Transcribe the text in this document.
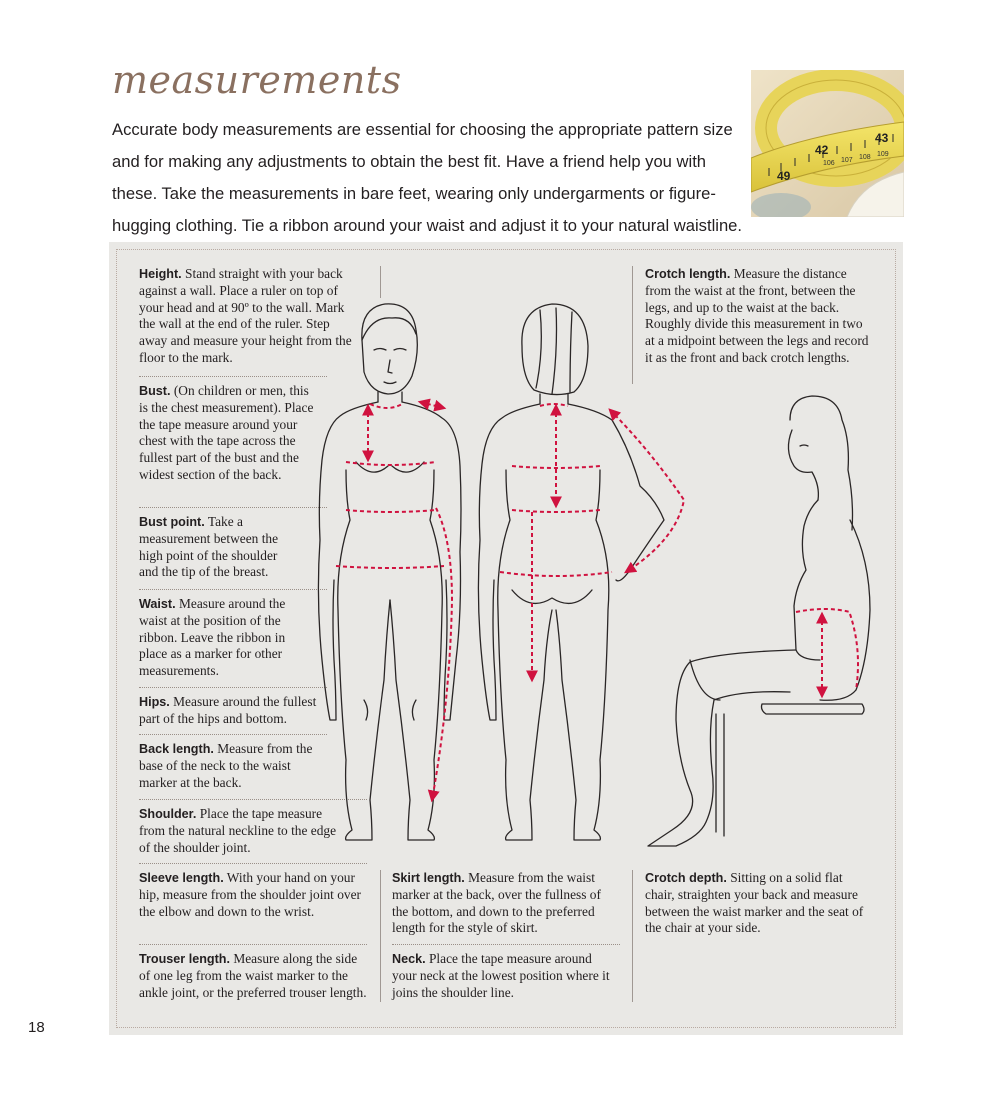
measurements

Accurate body measurements are essential for choosing the appropriate pattern size and for making any adjustments to obtain the best fit. Have a friend help you with these. Take the measurements in bare feet, wearing only undergarments or figure-hugging clothing. Tie a ribbon around your waist and adjust it to your natural waistline.

42
43
49
106 107 108 109

Height. Stand straight with your back against a wall. Place a ruler on top of your head and at 90º to the wall. Mark the wall at the end of the ruler. Step away and measure your height from the floor to the mark.

Bust. (On children or men, this is the chest measurement). Place the tape measure around your chest with the tape across the fullest part of the bust and the widest section of the back.

Bust point. Take a measurement between the high point of the shoulder and the tip of the breast.

Waist. Measure around the waist at the position of the ribbon. Leave the ribbon in place as a marker for other measurements.

Hips. Measure around the fullest part of the hips and bottom.

Back length. Measure from the base of the neck to the waist marker at the back.

Shoulder. Place the tape measure from the natural neckline to the edge of the shoulder joint.

Sleeve length. With your hand on your hip, measure from the shoulder joint over the elbow and down to the wrist.

Trouser length. Measure along the side of one leg from the waist marker to the ankle joint, or the preferred trouser length.

Skirt length. Measure from the waist marker at the back, over the fullness of the bottom, and down to the preferred length for the style of skirt.

Neck. Place the tape measure around your neck at the lowest position where it joins the shoulder line.

Crotch length. Measure the distance from the waist at the front, between the legs, and up to the waist at the back. Roughly divide this measurement in two at a midpoint between the legs and record it as the front and back crotch lengths.

Crotch depth. Sitting on a solid flat chair, straighten your back and measure between the waist marker and the seat of the chair at your side.

18
